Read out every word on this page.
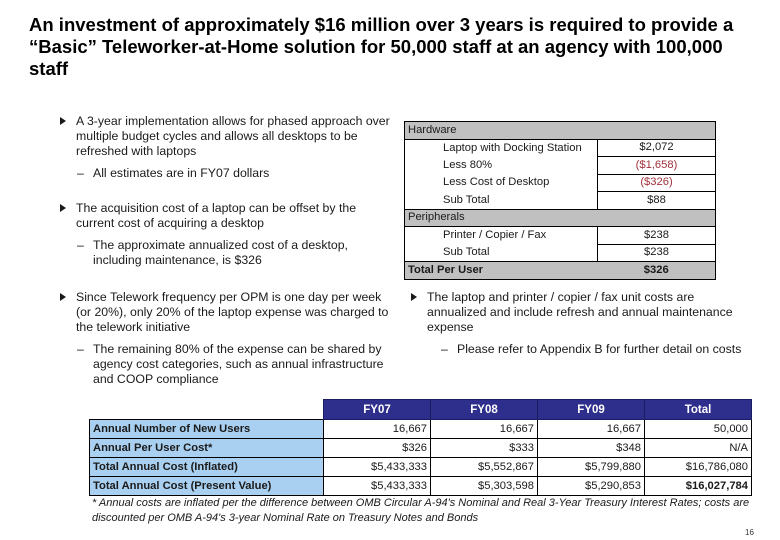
An investment of approximately $16 million over 3 years is required to provide a “Basic” Teleworker-at-Home solution for 50,000 staff at an agency with 100,000 staff
A 3-year implementation allows for phased approach over multiple budget cycles and allows all desktops to be refreshed with laptops
– All estimates are in FY07 dollars
The acquisition cost of a laptop can be offset by the current cost of acquiring a desktop
– The approximate annualized cost of a desktop, including maintenance, is $326
Since Telework frequency per OPM is one day per week (or 20%), only 20% of the laptop expense was charged to the telework initiative
– The remaining 80% of the expense can be shared by agency cost categories, such as annual infrastructure and COOP compliance
The laptop and printer / copier / fax unit costs are annualized and include refresh and annual maintenance expense
– Please refer to Appendix B for further detail on costs
Hardware	
Laptop with Docking Station	$2,072
Less 80%	($1,658)
Less Cost of Desktop	($326)
Sub Total	$88
Peripherals	
Printer / Copier / Fax	$238
Sub Total	$238
Total Per User	$326
	FY07	FY08	FY09	Total
Annual Number of New Users	16,667	16,667	16,667	50,000
Annual Per User Cost*	$326	$333	$348	N/A
Total Annual Cost (Inflated)	$5,433,333	$5,552,867	$5,799,880	$16,786,080
Total Annual Cost (Present Value)	$5,433,333	$5,303,598	$5,290,853	$16,027,784
* Annual costs are inflated per the difference between OMB Circular A-94's Nominal and Real 3-Year Treasury Interest Rates; costs are discounted per OMB A-94's 3-year Nominal Rate on Treasury Notes and Bonds
16
